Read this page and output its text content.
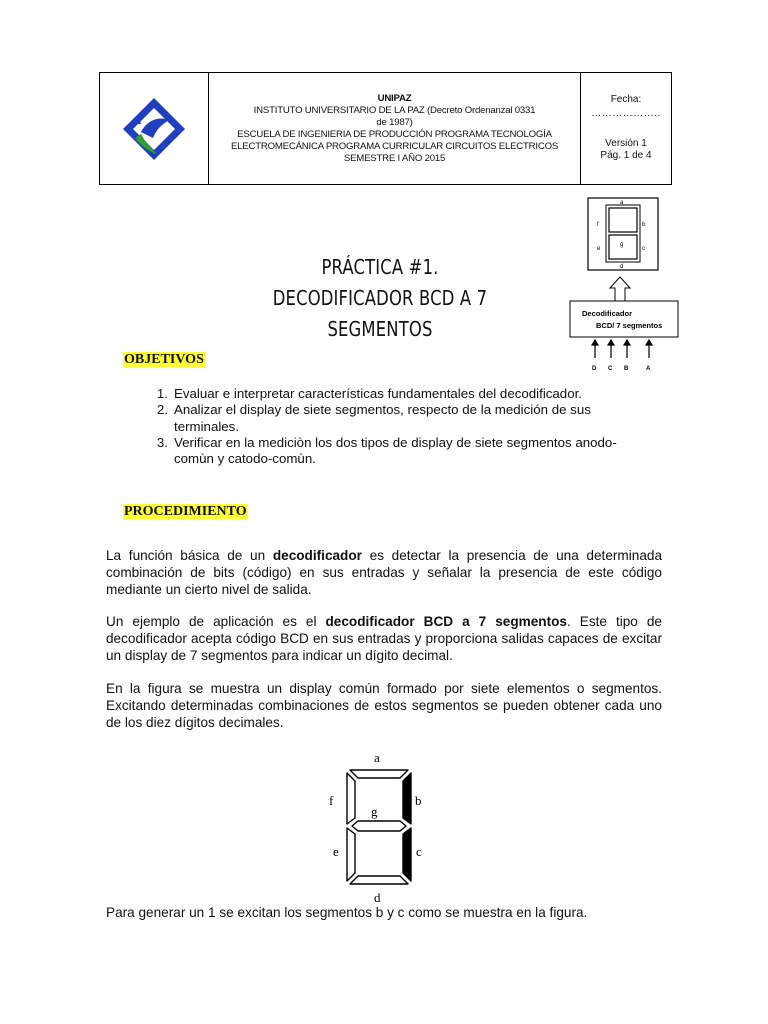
UNIPAZ
INSTITUTO UNIVERSITARIO DE LA PAZ (Decreto Ordenanzal 0331
de 1987)
ESCUELA DE INGENIERIA DE PRODUCCIÓN PROGRAMA TECNOLOGÍA
ELECTROMECÁNICA PROGRAMA CURRICULAR CIRCUITOS ELECTRICOS
SEMESTRE I AÑO 2015
Fecha:
………………..
Versión 1
Pág. 1 de 4
a
b
c
d
e
f
g
Decodificador
BCD/ 7 segmentos
D C B	A
PRÁCTICA #1.
DECODIFICADOR BCD A 7 SEGMENTOS
OBJETIVOS
1. Evaluar e interpretar características fundamentales del decodificador.
2. Analizar el display de siete segmentos, respecto de la medición de sus terminales.
3. Verificar en la mediciòn los dos tipos de display de siete segmentos anodo-comùn y catodo-comùn.
PROCEDIMIENTO
La función básica de un decodificador es detectar la presencia de una determinada combinación de bits (código) en sus entradas y señalar la presencia de este código mediante un cierto nivel de salida.
Un ejemplo de aplicación es el decodificador BCD a 7 segmentos. Este tipo de decodificador acepta código BCD en sus entradas y proporciona salidas capaces de excitar un display de 7 segmentos para indicar un dígito decimal.
En la figura se muestra un display común formado por siete elementos o segmentos. Excitando determinadas combinaciones de estos segmentos se pueden obtener cada uno de los diez dígitos decimales.
a
b
c
d
e
f
g
Para generar un 1 se excitan los segmentos b y c como se muestra en la figura.
